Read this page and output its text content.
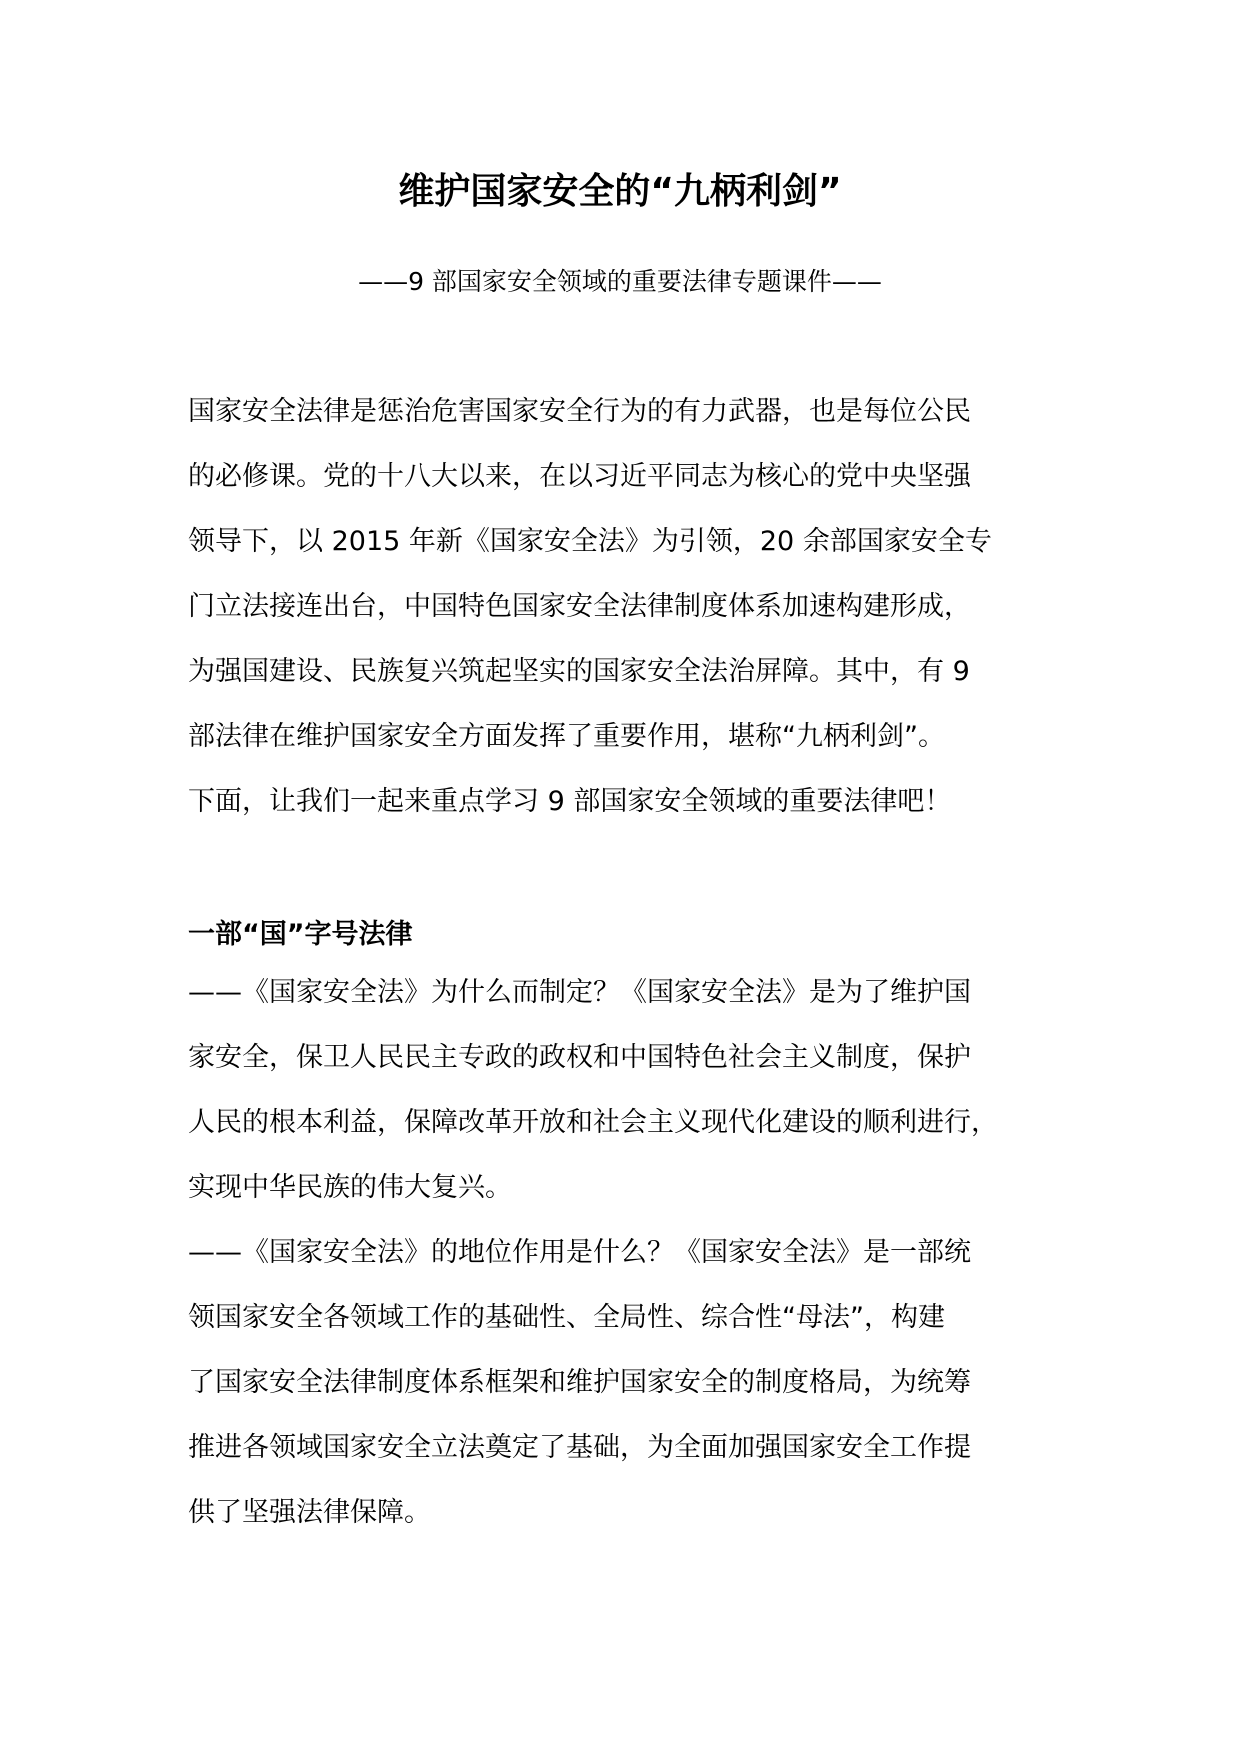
维护国家安全的“九柄利剑”

——9 部国家安全领域的重要法律专题课件——

国家安全法律是惩治危害国家安全行为的有力武器，也是每位公民
的必修课。党的十八大以来，在以习近平同志为核心的党中央坚强
领导下，以 2015 年新《国家安全法》为引领，20 余部国家安全专
门立法接连出台，中国特色国家安全法律制度体系加速构建形成，
为强国建设、民族复兴筑起坚实的国家安全法治屏障。其中，有 9
部法律在维护国家安全方面发挥了重要作用，堪称“九柄利剑”。
下面，让我们一起来重点学习 9 部国家安全领域的重要法律吧！
一部“国”字号法律
——《国家安全法》为什么而制定？《国家安全法》是为了维护国
家安全，保卫人民民主专政的政权和中国特色社会主义制度，保护
人民的根本利益，保障改革开放和社会主义现代化建设的顺利进行，
实现中华民族的伟大复兴。
——《国家安全法》的地位作用是什么？《国家安全法》是一部统
领国家安全各领域工作的基础性、全局性、综合性“母法”，构建
了国家安全法律制度体系框架和维护国家安全的制度格局，为统筹
推进各领域国家安全立法奠定了基础，为全面加强国家安全工作提
供了坚强法律保障。
